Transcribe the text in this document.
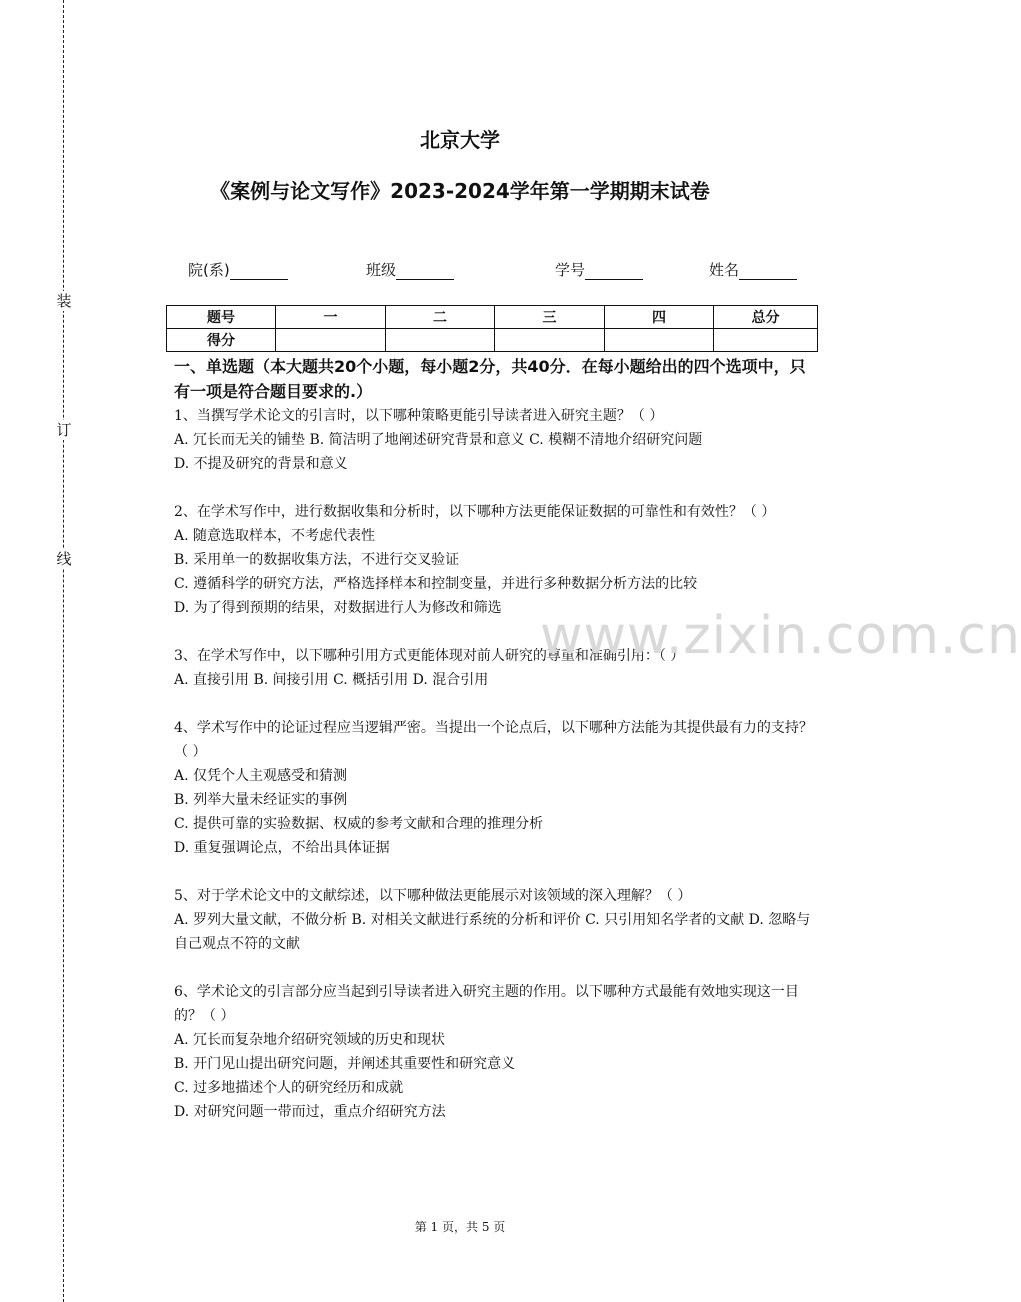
装
订
线
北京大学
《案例与论文写作》2023-2024学年第一学期期末试卷
院(系)	班级	学号	姓名
题号	一	二	三	四	总分
得分					
一、单选题（本大题共20个小题，每小题2分，共40分．在每小题给出的四个选项中，只有一项是符合题目要求的.）

1、当撰写学术论文的引言时，以下哪种策略更能引导读者进入研究主题？（ ）

A. 冗长而无关的铺垫 B. 简洁明了地阐述研究背景和意义 C. 模糊不清地介绍研究问题

D. 不提及研究的背景和意义

2、在学术写作中，进行数据收集和分析时，以下哪种方法更能保证数据的可靠性和有效性？（ ）

A. 随意选取样本，不考虑代表性

B. 采用单一的数据收集方法，不进行交叉验证

C. 遵循科学的研究方法，严格选择样本和控制变量，并进行多种数据分析方法的比较

D. 为了得到预期的结果，对数据进行人为修改和筛选

3、在学术写作中，以下哪种引用方式更能体现对前人研究的尊重和准确引用：（ ）

A. 直接引用 B. 间接引用 C. 概括引用 D. 混合引用

4、学术写作中的论证过程应当逻辑严密。当提出一个论点后，以下哪种方法能为其提供最有力的支持？（ ）

A. 仅凭个人主观感受和猜测

B. 列举大量未经证实的事例

C. 提供可靠的实验数据、权威的参考文献和合理的推理分析

D. 重复强调论点，不给出具体证据

5、对于学术论文中的文献综述，以下哪种做法更能展示对该领域的深入理解？（ ）

A. 罗列大量文献，不做分析 B. 对相关文献进行系统的分析和评价 C. 只引用知名学者的文献 D. 忽略与自己观点不符的文献

6、学术论文的引言部分应当起到引导读者进入研究主题的作用。以下哪种方式最能有效地实现这一目的？（ ）

A. 冗长而复杂地介绍研究领域的历史和现状

B. 开门见山提出研究问题，并阐述其重要性和研究意义

C. 过多地描述个人的研究经历和成就

D. 对研究问题一带而过，重点介绍研究方法

www.zixin.com.cn
第 1 页，共 5 页
